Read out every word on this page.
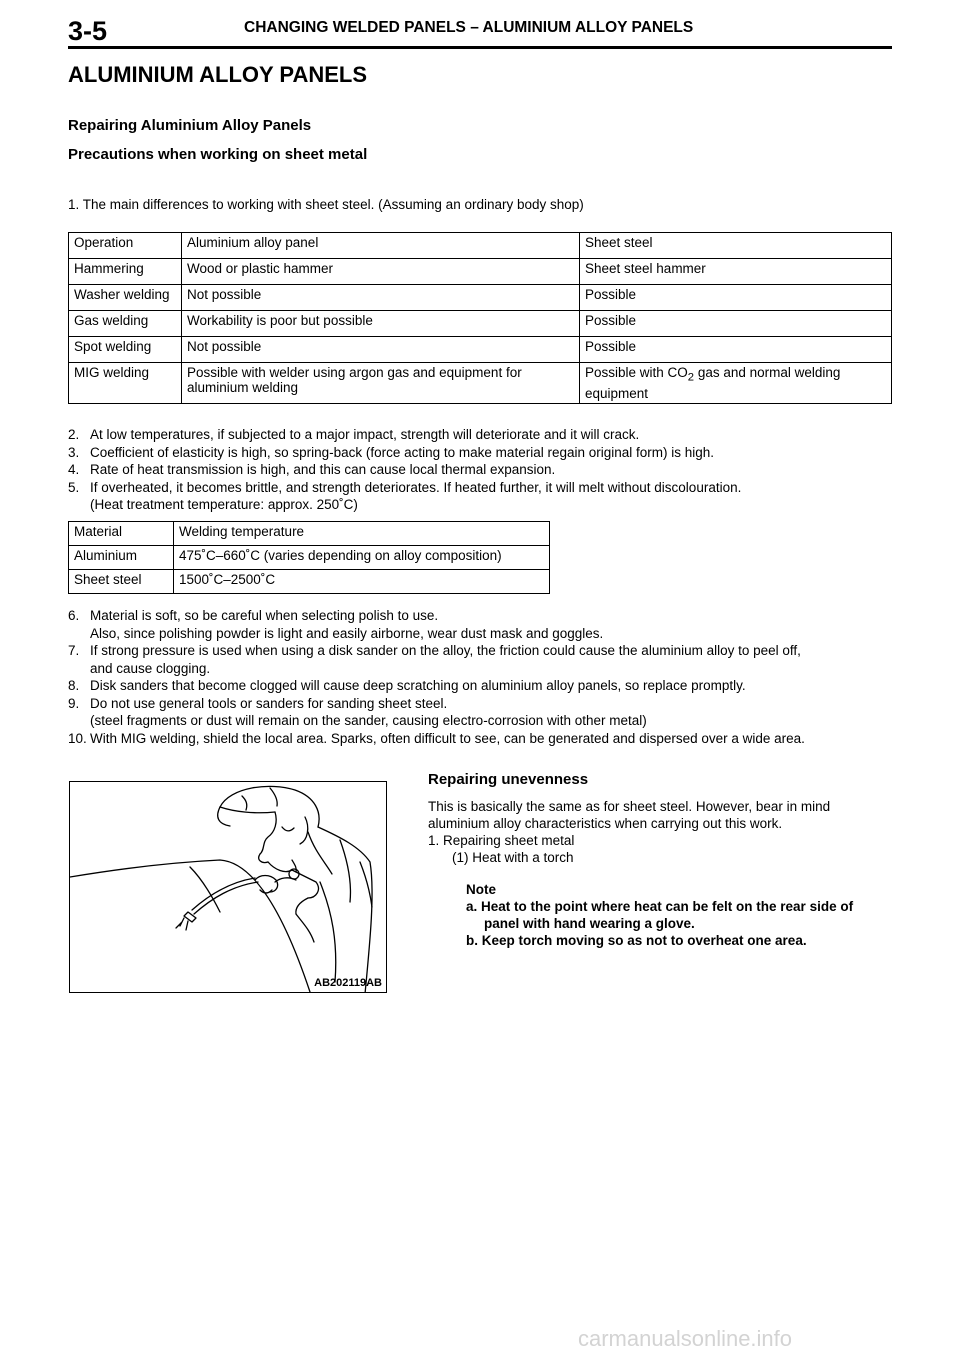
3-5	CHANGING WELDED PANELS – ALUMINIUM ALLOY PANELS
ALUMINIUM ALLOY PANELS
Repairing Aluminium Alloy Panels
Precautions when working on sheet metal
1. The main differences to working with sheet steel. (Assuming an ordinary body shop)
Operation	Aluminium alloy panel	Sheet steel
Hammering	Wood or plastic hammer	Sheet steel hammer
Washer welding	Not possible	Possible
Gas welding	Workability is poor but possible	Possible
Spot welding	Not possible	Possible
MIG welding	Possible with welder using argon gas and equipment for aluminium welding	Possible with $CO_2$ gas and normal welding equipment
2. At low temperatures, if subjected to a major impact, strength will deteriorate and it will crack.
3. Coefficient of elasticity is high, so spring-back (force acting to make material regain original form) is high.
4. Rate of heat transmission is high, and this can cause local thermal expansion.
5. If overheated, it becomes brittle, and strength deteriorates. If heated further, it will melt without discolouration.
(Heat treatment temperature: approx. 250˚C)
Material	Welding temperature
Aluminium	475˚C–660˚C (varies depending on alloy composition)
Sheet steel	1500˚C–2500˚C
6. Material is soft, so be careful when selecting polish to use.
Also, since polishing powder is light and easily airborne, wear dust mask and goggles.
7. If strong pressure is used when using a disk sander on the alloy, the friction could cause the aluminium alloy to peel off,
and cause clogging.
8. Disk sanders that become clogged will cause deep scratching on aluminium alloy panels, so replace promptly.
9. Do not use general tools or sanders for sanding sheet steel.
(steel fragments or dust will remain on the sander, causing electro-corrosion with other metal)
10. With MIG welding, shield the local area. Sparks, often difficult to see, can be generated and dispersed over a wide area.
AB202119AB
Repairing unevenness

This is basically the same as for sheet steel. However, bear in mind aluminium alloy characteristics when carrying out this work.

1. Repairing sheet metal

(1) Heat with a torch

Note

a. Heat to the point where heat can be felt on the rear side of panel with hand wearing a glove.

b. Keep torch moving so as not to overheat one area.

carmanualsonline.info
